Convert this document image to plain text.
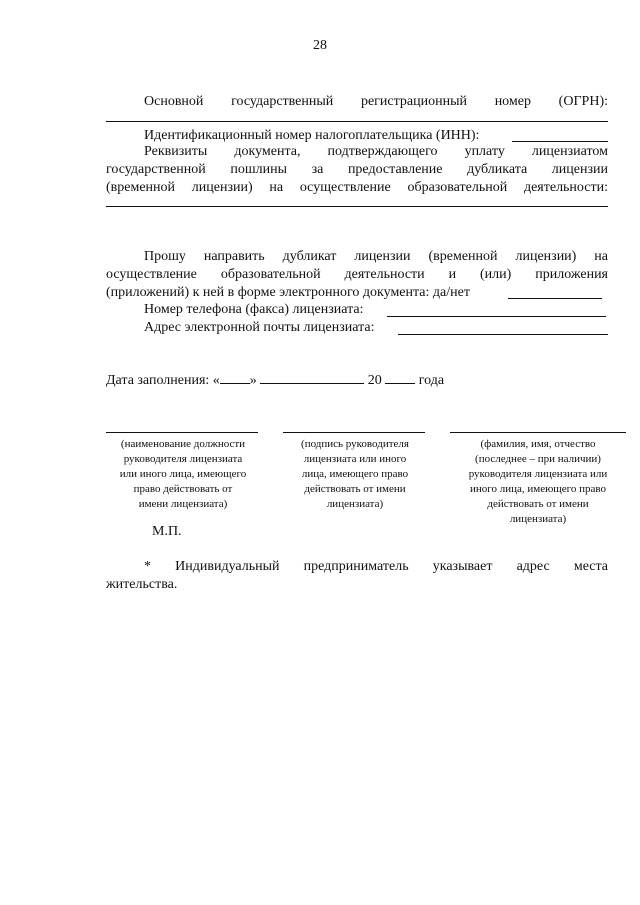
28
Основной государственный регистрационный номер (ОГРН):
Идентификационный номер налогоплательщика (ИНН):
Реквизиты документа, подтверждающего уплату лицензиатом
государственной пошлины за предоставление дубликата лицензии
(временной лицензии) на осуществление образовательной деятельности:
Прошу направить дубликат лицензии (временной лицензии) на
осуществление образовательной деятельности и (или) приложения
(приложений) к ней в форме электронного документа: да/нет
Номер телефона (факса) лицензиата:
Адрес электронной почты лицензиата:
Дата заполнения: « »	20	года
(наименование должности
руководителя лицензиата
или иного лица, имеющего
право действовать от
имени лицензиата)
(подпись руководителя
лицензиата или иного
лица, имеющего право
действовать от имени
лицензиата)
(фамилия, имя, отчество
(последнее – при наличии)
руководителя лицензиата или
иного лица, имеющего право
действовать от имени
лицензиата)
М.П.
* Индивидуальный предприниматель указывает адрес места
жительства.
